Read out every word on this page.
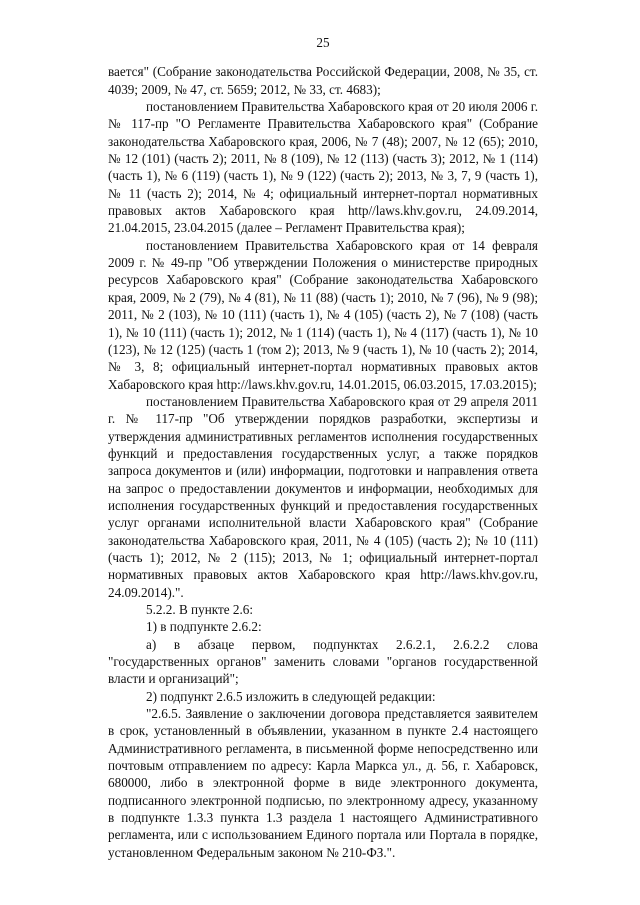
25

вается" (Собрание законодательства Российской Федерации, 2008, № 35, ст. 4039; 2009, № 47, ст. 5659; 2012, № 33, ст. 4683);

постановлением Правительства Хабаровского края от 20 июля 2006 г. № 117-пр "О Регламенте Правительства Хабаровского края" (Собрание законодательства Хабаровского края, 2006, № 7 (48); 2007, № 12 (65); 2010, № 12 (101) (часть 2); 2011, № 8 (109), № 12 (113) (часть 3); 2012, № 1 (114) (часть 1), № 6 (119) (часть 1), № 9 (122) (часть 2); 2013, № 3, 7, 9 (часть 1), № 11 (часть 2); 2014, № 4; официальный интернет-портал нормативных правовых актов Хабаровского края http//laws.khv.gov.ru, 24.09.2014, 21.04.2015, 23.04.2015 (далее – Регламент Правительства края);

постановлением Правительства Хабаровского края от 14 февраля 2009 г. № 49-пр "Об утверждении Положения о министерстве природных ресурсов Хабаровского края" (Собрание законодательства Хабаровского края, 2009, № 2 (79), № 4 (81), № 11 (88) (часть 1); 2010, № 7 (96), № 9 (98); 2011, № 2 (103), № 10 (111) (часть 1), № 4 (105) (часть 2), № 7 (108) (часть 1), № 10 (111) (часть 1); 2012, № 1 (114) (часть 1), № 4 (117) (часть 1), № 10 (123), № 12 (125) (часть 1 (том 2); 2013, № 9 (часть 1), № 10 (часть 2); 2014, № 3, 8; официальный интернет-портал нормативных правовых актов Хабаровского края http://laws.khv.gov.ru, 14.01.2015, 06.03.2015, 17.03.2015);

постановлением Правительства Хабаровского края от 29 апреля 2011 г. № 117-пр "Об утверждении порядков разработки, экспертизы и утверждения административных регламентов исполнения государственных функций и предоставления государственных услуг, а также порядков запроса документов и (или) информации, подготовки и направления ответа на запрос о предоставлении документов и информации, необходимых для исполнения государственных функций и предоставления государственных услуг органами исполнительной власти Хабаровского края" (Собрание законодательства Хабаровского края, 2011, № 4 (105) (часть 2); № 10 (111) (часть 1); 2012, № 2 (115); 2013, № 1; официальный интернет-портал нормативных правовых актов Хабаровского края http://laws.khv.gov.ru, 24.09.2014).".

5.2.2. В пункте 2.6:

1) в подпункте 2.6.2:

а) в абзаце первом, подпунктах 2.6.2.1, 2.6.2.2 слова "государственных органов" заменить словами "органов государственной власти и организаций";

2) подпункт 2.6.5 изложить в следующей редакции:

"2.6.5. Заявление о заключении договора представляется заявителем в срок, установленный в объявлении, указанном в пункте 2.4 настоящего Административного регламента, в письменной форме непосредственно или почтовым отправлением по адресу: Карла Маркса ул., д. 56, г. Хабаровск, 680000, либо в электронной форме в виде электронного документа, подписанного электронной подписью, по электронному адресу, указанному в подпункте 1.3.3 пункта 1.3 раздела 1 настоящего Административного регламента, или с использованием Единого портала или Портала в порядке, установленном Федеральным законом № 210-ФЗ.".
